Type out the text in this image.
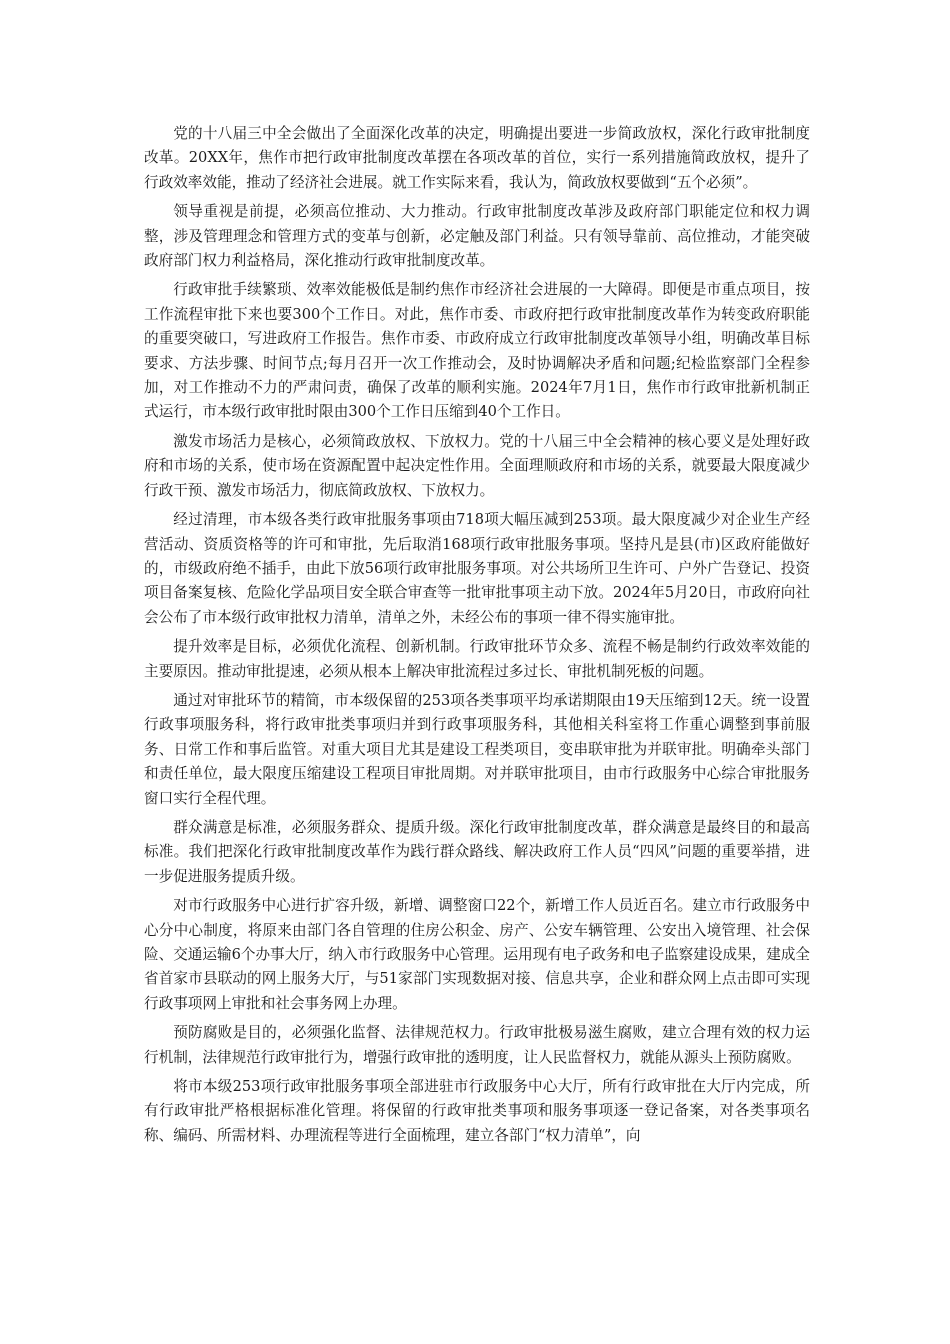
党的十八届三中全会做出了全面深化改革的决定，明确提出要进一步简政放权，深化行政审批制度改革。20XX年，焦作市把行政审批制度改革摆在各项改革的首位，实行一系列措施简政放权，提升了行政效率效能，推动了经济社会进展。就工作实际来看，我认为，简政放权要做到“五个必须”。

领导重视是前提，必须高位推动、大力推动。行政审批制度改革涉及政府部门职能定位和权力调整，涉及管理理念和管理方式的变革与创新，必定触及部门利益。只有领导靠前、高位推动，才能突破政府部门权力利益格局，深化推动行政审批制度改革。

行政审批手续繁琐、效率效能极低是制约焦作市经济社会进展的一大障碍。即便是市重点项目，按工作流程审批下来也要300个工作日。对此，焦作市委、市政府把行政审批制度改革作为转变政府职能的重要突破口，写进政府工作报告。焦作市委、市政府成立行政审批制度改革领导小组，明确改革目标要求、方法步骤、时间节点;每月召开一次工作推动会，及时协调解决矛盾和问题;纪检监察部门全程参加，对工作推动不力的严肃问责，确保了改革的顺利实施。2024年7月1日，焦作市行政审批新机制正式运行，市本级行政审批时限由300个工作日压缩到40个工作日。

激发市场活力是核心，必须简政放权、下放权力。党的十八届三中全会精神的核心要义是处理好政府和市场的关系，使市场在资源配置中起决定性作用。全面理顺政府和市场的关系，就要最大限度减少行政干预、激发市场活力，彻底简政放权、下放权力。

经过清理，市本级各类行政审批服务事项由718项大幅压减到253项。最大限度减少对企业生产经营活动、资质资格等的许可和审批，先后取消168项行政审批服务事项。坚持凡是县(市)区政府能做好的，市级政府绝不插手，由此下放56项行政审批服务事项。对公共场所卫生许可、户外广告登记、投资项目备案复核、危险化学品项目安全联合审查等一批审批事项主动下放。2024年5月20日，市政府向社会公布了市本级行政审批权力清单，清单之外，未经公布的事项一律不得实施审批。

提升效率是目标，必须优化流程、创新机制。行政审批环节众多、流程不畅是制约行政效率效能的主要原因。推动审批提速，必须从根本上解决审批流程过多过长、审批机制死板的问题。

通过对审批环节的精简，市本级保留的253项各类事项平均承诺期限由19天压缩到12天。统一设置行政事项服务科，将行政审批类事项归并到行政事项服务科，其他相关科室将工作重心调整到事前服务、日常工作和事后监管。对重大项目尤其是建设工程类项目，变串联审批为并联审批。明确牵头部门和责任单位，最大限度压缩建设工程项目审批周期。对并联审批项目，由市行政服务中心综合审批服务窗口实行全程代理。

群众满意是标准，必须服务群众、提质升级。深化行政审批制度改革，群众满意是最终目的和最高标准。我们把深化行政审批制度改革作为践行群众路线、解决政府工作人员“四风”问题的重要举措，进一步促进服务提质升级。

对市行政服务中心进行扩容升级，新增、调整窗口22个，新增工作人员近百名。建立市行政服务中心分中心制度，将原来由部门各自管理的住房公积金、房产、公安车辆管理、公安出入境管理、社会保险、交通运输6个办事大厅，纳入市行政服务中心管理。运用现有电子政务和电子监察建设成果，建成全省首家市县联动的网上服务大厅，与51家部门实现数据对接、信息共享，企业和群众网上点击即可实现行政事项网上审批和社会事务网上办理。

预防腐败是目的，必须强化监督、法律规范权力。行政审批极易滋生腐败，建立合理有效的权力运行机制，法律规范行政审批行为，增强行政审批的透明度，让人民监督权力，就能从源头上预防腐败。

将市本级253项行政审批服务事项全部进驻市行政服务中心大厅，所有行政审批在大厅内完成，所有行政审批严格根据标准化管理。将保留的行政审批类事项和服务事项逐一登记备案，对各类事项名称、编码、所需材料、办理流程等进行全面梳理，建立各部门“权力清单”，向
